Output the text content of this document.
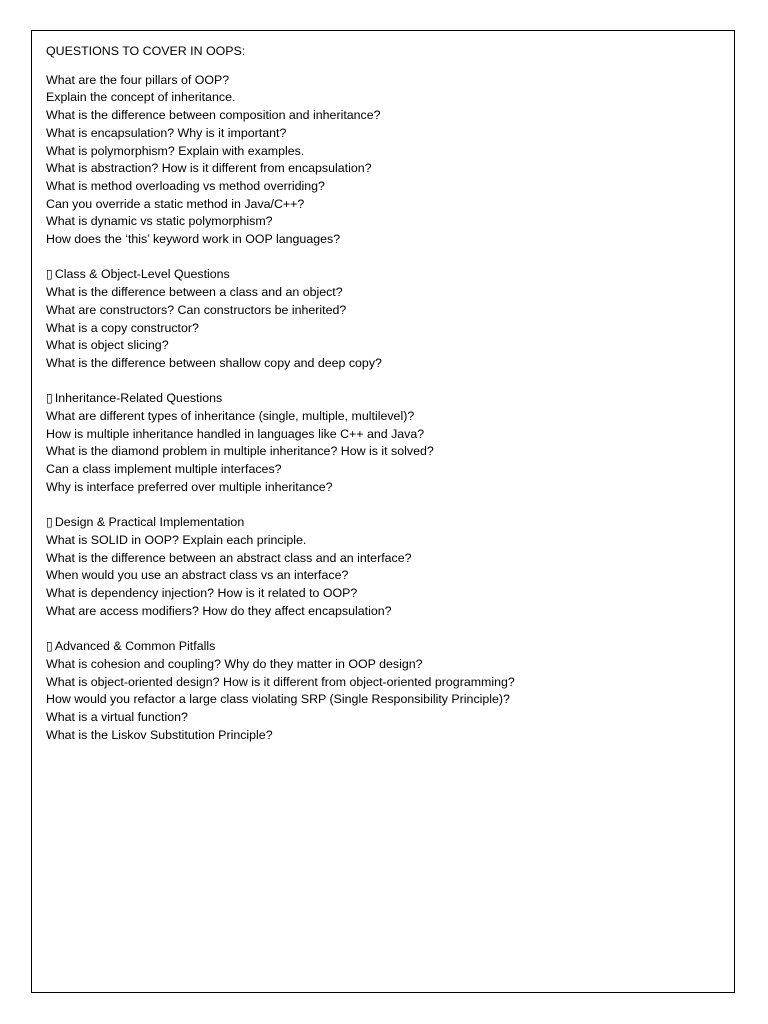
QUESTIONS TO COVER IN OOPS:
What are the four pillars of OOP?
Explain the concept of inheritance.
What is the difference between composition and inheritance?
What is encapsulation? Why is it important?
What is polymorphism? Explain with examples.
What is abstraction? How is it different from encapsulation?
What is method overloading vs method overriding?
Can you override a static method in Java/C++?
What is dynamic vs static polymorphism?
How does the ‘this’ keyword work in OOP languages?
▯ Class & Object-Level Questions
What is the difference between a class and an object?
What are constructors? Can constructors be inherited?
What is a copy constructor?
What is object slicing?
What is the difference between shallow copy and deep copy?
▯ Inheritance-Related Questions
What are different types of inheritance (single, multiple, multilevel)?
How is multiple inheritance handled in languages like C++ and Java?
What is the diamond problem in multiple inheritance? How is it solved?
Can a class implement multiple interfaces?
Why is interface preferred over multiple inheritance?
▯ Design & Practical Implementation
What is SOLID in OOP? Explain each principle.
What is the difference between an abstract class and an interface?
When would you use an abstract class vs an interface?
What is dependency injection? How is it related to OOP?
What are access modifiers? How do they affect encapsulation?
▯ Advanced & Common Pitfalls
What is cohesion and coupling? Why do they matter in OOP design?
What is object-oriented design? How is it different from object-oriented programming?
How would you refactor a large class violating SRP (Single Responsibility Principle)?
What is a virtual function?
What is the Liskov Substitution Principle?
